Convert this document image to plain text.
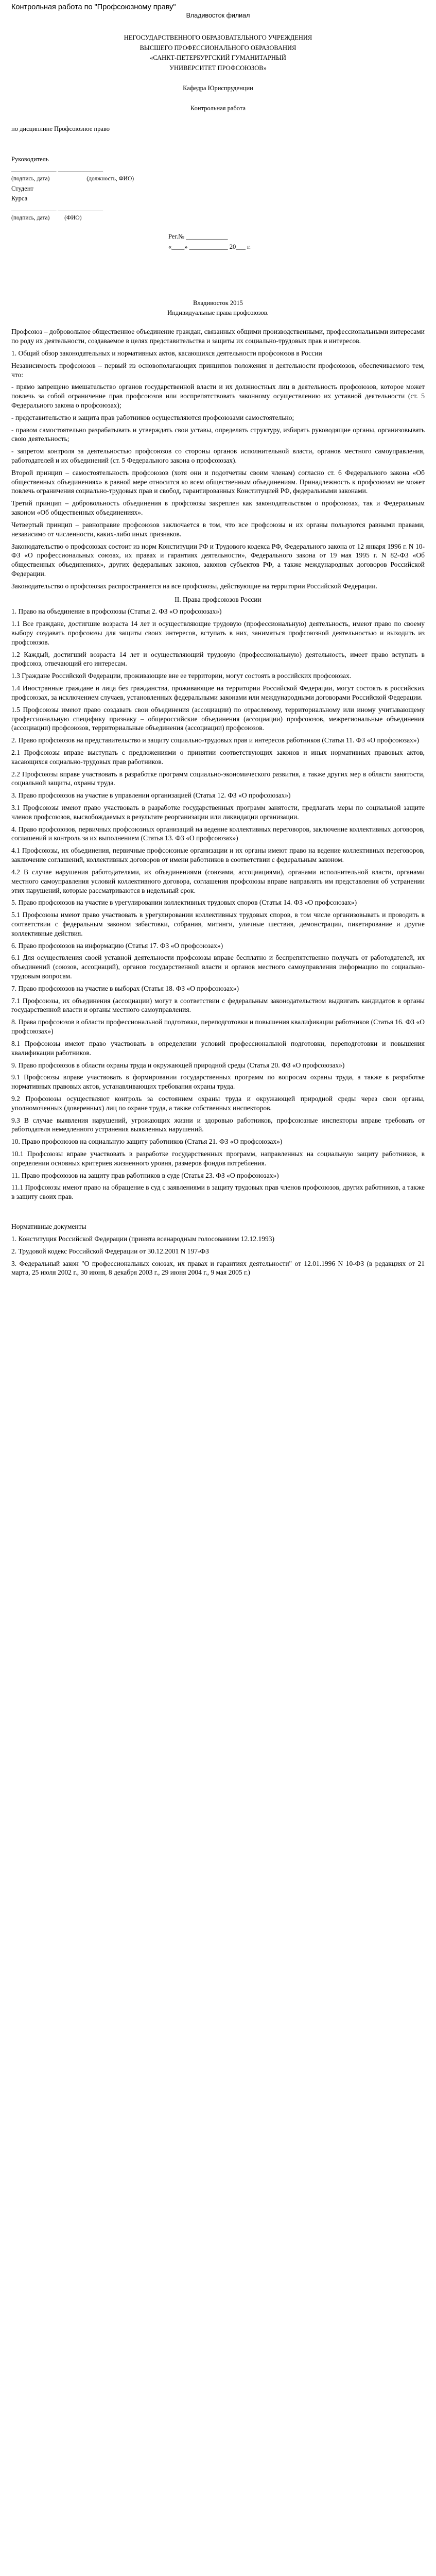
Контрольная работа по "Профсоюзному праву"
Владивосток филиал
НЕГОСУДАРСТВЕННОГО ОБРАЗОВАТЕЛЬНОГО УЧРЕЖДЕНИЯ
ВЫСШЕГО ПРОФЕССИОНАЛЬНОГО ОБРАЗОВАНИЯ
«САНКТ-ПЕТЕРБУРГСКИЙ ГУМАНИТАРНЫЙ
УНИВЕРСИТЕТ ПРОФСОЮЗОВ»
Кафедра Юриспруденции
Контрольная работа
по дисциплине Профсоюзное право
Руководитель
______________ ______________
(подпись, дата)                         (должность, ФИО)
Студент
Курса
______________ ______________
(подпись, дата)          (ФИО)
Рег.№ _____________
«____» ____________ 20___ г.
Владивосток 2015
Индивидуальные права профсоюзов.

Профсоюз – добровольное общественное объединение граждан, связанных общими производственными, профессиональными интересами по роду их деятельности, создаваемое в целях представительства и защиты их социально-трудовых прав и интересов.

1. Общий обзор законодательных и нормативных актов, касающихся деятельности профсоюзов в России

Независимость профсоюзов – первый из основополагающих принципов положения и деятельности профсоюзов, обеспечиваемого тем, что:

- прямо запрещено вмешательство органов государственной власти и их должностных лиц в деятельность профсоюзов, которое может повлечь за собой ограничение прав профсоюзов или воспрепятствовать законному осуществлению их уставной деятельности (ст. 5 Федерального закона о профсоюзах);

- представительство и защита прав работников осуществляются профсоюзами самостоятельно;

- правом самостоятельно разрабатывать и утверждать свои уставы, определять структуру, избирать руководящие органы, организовывать свою деятельность;

- запретом контроля за деятельностью профсоюзов со стороны органов исполнительной власти, органов местного самоуправления, работодателей и их объединений (ст. 5 Федерального закона о профсоюзах).

Второй принцип – самостоятельность профсоюзов (хотя они и подотчетны своим членам) согласно ст. 6 Федерального закона «Об общественных объединениях» в равной мере относится ко всем общественным объединениям. Принадлежность к профсоюзам не может повлечь ограничения социально-трудовых прав и свобод, гарантированных Конституцией РФ, федеральными законами.

Третий принцип – добровольность объединения в профсоюзы закреплен как законодательством о профсоюзах, так и Федеральным законом «Об общественных объединениях».

Четвертый принцип – равноправие профсоюзов заключается в том, что все профсоюзы и их органы пользуются равными правами, независимо от численности, каких-либо иных признаков.

Законодательство о профсоюзах состоит из норм Конституции РФ и Трудового кодекса РФ, Федерального закона от 12 января 1996 г. N 10-ФЗ «О профессиональных союзах, их правах и гарантиях деятельности», Федерального закона от 19 мая 1995 г. N 82-ФЗ «Об общественных объединениях», других федеральных законов, законов субъектов РФ, а также международных договоров Российской Федерации.

Законодательство о профсоюзах распространяется на все профсоюзы, действующие на территории Российской Федерации.

II. Права профсоюзов России

1. Право на объединение в профсоюзы (Статья 2. ФЗ «О профсоюзах»)

1.1 Все граждане, достигшие возраста 14 лет и осуществляющие трудовую (профессиональную) деятельность, имеют право по своему выбору создавать профсоюзы для защиты своих интересов, вступать в них, заниматься профсоюзной деятельностью и выходить из профсоюзов.

1.2 Каждый, достигший возраста 14 лет и осуществляющий трудовую (профессиональную) деятельность, имеет право вступать в профсоюз, отвечающий его интересам.

1.3 Граждане Российской Федерации, проживающие вне ее территории, могут состоять в российских профсоюзах.

1.4 Иностранные граждане и лица без гражданства, проживающие на территории Российской Федерации, могут состоять в российских профсоюзах, за исключением случаев, установленных федеральными законами или международными договорами Российской Федерации.

1.5 Профсоюзы имеют право создавать свои объединения (ассоциации) по отраслевому, территориальному или иному учитывающему профессиональную специфику признаку – общероссийские объединения (ассоциации) профсоюзов, межрегиональные объединения (ассоциации) профсоюзов, территориальные объединения (ассоциации) профсоюзов.

2. Право профсоюзов на представительство и защиту социально-трудовых прав и интересов работников (Статья 11. ФЗ «О профсоюзах»)

2.1 Профсоюзы вправе выступать с предложениями о принятии соответствующих законов и иных нормативных правовых актов, касающихся социально-трудовых прав работников.

2.2 Профсоюзы вправе участвовать в разработке программ социально-экономического развития, а также других мер в области занятости, социальной защиты, охраны труда.

3. Право профсоюзов на участие в управлении организацией (Статья 12. ФЗ «О профсоюзах»)

3.1 Профсоюзы имеют право участвовать в разработке государственных программ занятости, предлагать меры по социальной защите членов профсоюзов, высвобождаемых в результате реорганизации или ликвидации организации.

4. Право профсоюзов, первичных профсоюзных организаций на ведение коллективных переговоров, заключение коллективных договоров, соглашений и контроль за их выполнением (Статья 13. ФЗ «О профсоюзах»)

4.1 Профсоюзы, их объединения, первичные профсоюзные организации и их органы имеют право на ведение коллективных переговоров, заключение соглашений, коллективных договоров от имени работников в соответствии с федеральным законом.

4.2 В случае нарушения работодателями, их объединениями (союзами, ассоциациями), органами исполнительной власти, органами местного самоуправления условий коллективного договора, соглашения профсоюзы вправе направлять им представления об устранении этих нарушений, которые рассматриваются в недельный срок.

5. Право профсоюзов на участие в урегулировании коллективных трудовых споров (Статья 14. ФЗ «О профсоюзах»)

5.1 Профсоюзы имеют право участвовать в урегулировании коллективных трудовых споров, в том числе организовывать и проводить в соответствии с федеральным законом забастовки, собрания, митинги, уличные шествия, демонстрации, пикетирование и другие коллективные действия.

6. Право профсоюзов на информацию (Статья 17. ФЗ «О профсоюзах»)

6.1 Для осуществления своей уставной деятельности профсоюзы вправе бесплатно и беспрепятственно получать от работодателей, их объединений (союзов, ассоциаций), органов государственной власти и органов местного самоуправления информацию по социально-трудовым вопросам.

7. Право профсоюзов на участие в выборах (Статья 18. ФЗ «О профсоюзах»)

7.1 Профсоюзы, их объединения (ассоциации) могут в соответствии с федеральным законодательством выдвигать кандидатов в органы государственной власти и органы местного самоуправления.

8. Права профсоюзов в области профессиональной подготовки, переподготовки и повышения квалификации работников (Статья 16. ФЗ «О профсоюзах»)

8.1 Профсоюзы имеют право участвовать в определении условий профессиональной подготовки, переподготовки и повышения квалификации работников.

9. Право профсоюзов в области охраны труда и окружающей природной среды (Статья 20. ФЗ «О профсоюзах»)

9.1 Профсоюзы вправе участвовать в формировании государственных программ по вопросам охраны труда, а также в разработке нормативных правовых актов, устанавливающих требования охраны труда.

9.2 Профсоюзы осуществляют контроль за состоянием охраны труда и окружающей природной среды через свои органы, уполномоченных (доверенных) лиц по охране труда, а также собственных инспекторов.

9.3 В случае выявления нарушений, угрожающих жизни и здоровью работников, профсоюзные инспекторы вправе требовать от работодателя немедленного устранения выявленных нарушений.

10. Право профсоюзов на социальную защиту работников (Статья 21. ФЗ «О профсоюзах»)

10.1 Профсоюзы вправе участвовать в разработке государственных программ, направленных на социальную защиту работников, в определении основных критериев жизненного уровня, размеров фондов потребления.

11. Право профсоюзов на защиту прав работников в суде (Статья 23. ФЗ «О профсоюзах»)

11.1 Профсоюзы имеют право на обращение в суд с заявлениями в защиту трудовых прав членов профсоюзов, других работников, а также в защиту своих прав.

Нормативные документы

1. Конституция Российской Федерации (принята всенародным голосованием 12.12.1993)

2. Трудовой кодекс Российской Федерации от 30.12.2001 N 197-ФЗ

3. Федеральный закон "О профессиональных союзах, их правах и гарантиях деятельности" от 12.01.1996 N 10-ФЗ (в редакциях от 21 марта, 25 июля 2002 г., 30 июня, 8 декабря 2003 г., 29 июня 2004 г., 9 мая 2005 г.)
